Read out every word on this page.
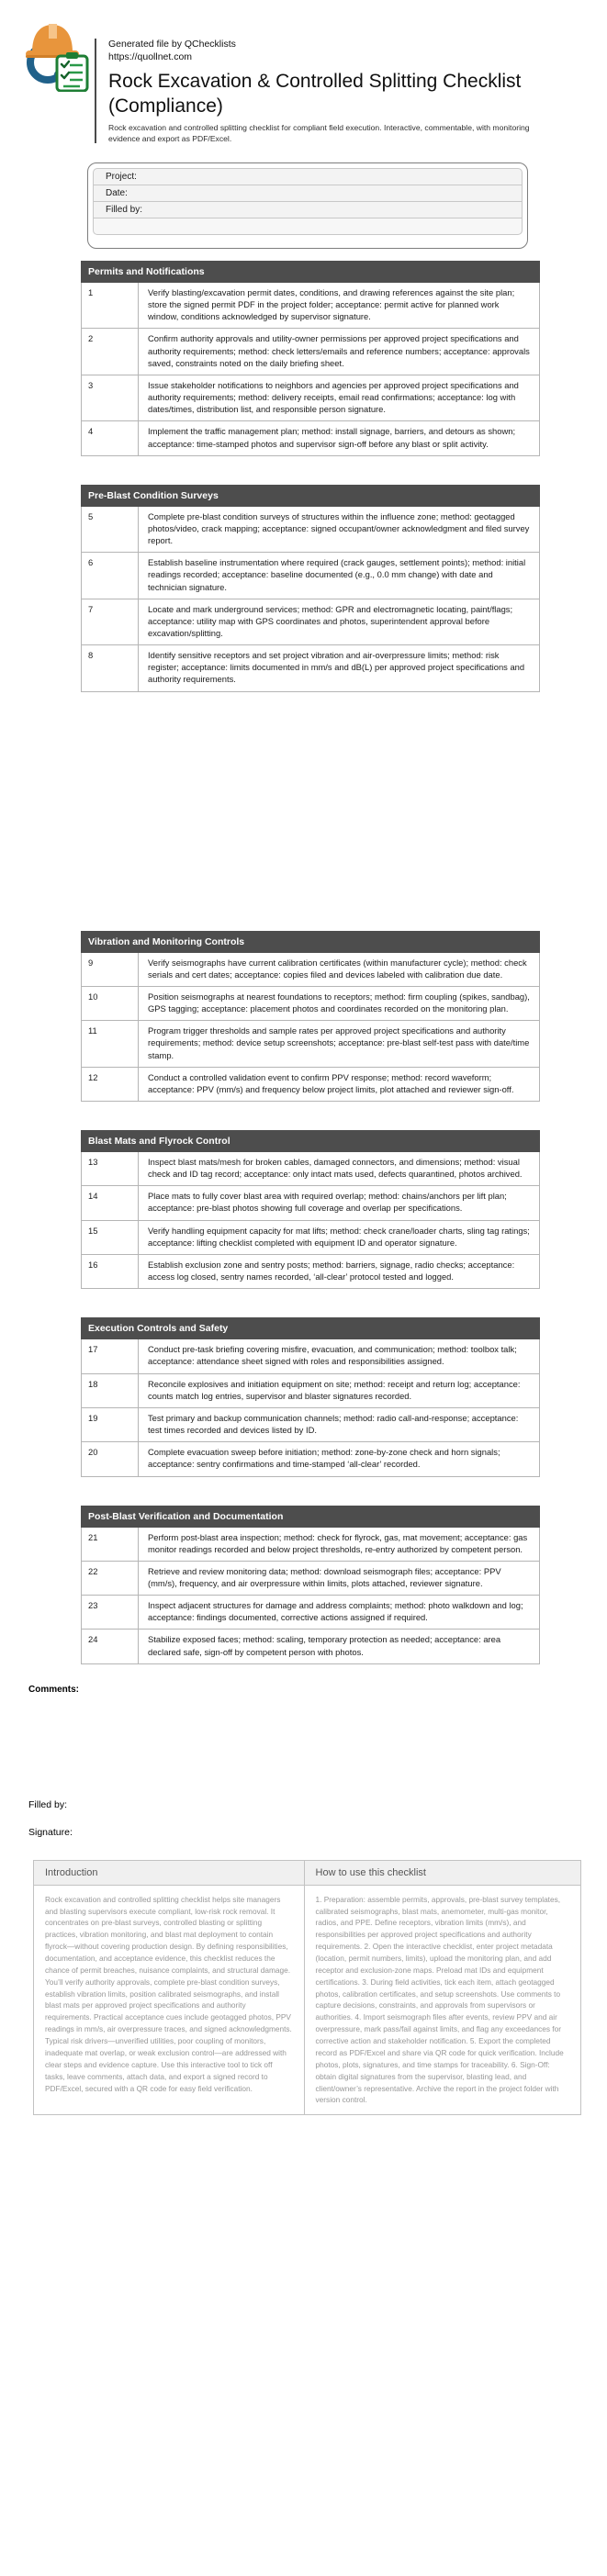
Generated file by QChecklists
https://quollnet.com
Rock Excavation & Controlled Splitting Checklist
(Compliance)
Rock excavation and controlled splitting checklist for compliant field execution. Interactive, commentable, with monitoring evidence and export as PDF/Excel.
Project:
Date:
Filled by:
Permits and Notifications	
1	Verify blasting/excavation permit dates, conditions, and drawing references against the site plan; store the signed permit PDF in the project folder; acceptance: permit active for planned work window, conditions acknowledged by supervisor signature.
2	Confirm authority approvals and utility-owner permissions per approved project specifications and authority requirements; method: check letters/emails and reference numbers; acceptance: approvals saved, constraints noted on the daily briefing sheet.
3	Issue stakeholder notifications to neighbors and agencies per approved project specifications and authority requirements; method: delivery receipts, email read confirmations; acceptance: log with dates/times, distribution list, and responsible person signature.
4	Implement the traffic management plan; method: install signage, barriers, and detours as shown; acceptance: time-stamped photos and supervisor sign-off before any blast or split activity.
Pre-Blast Condition Surveys	
5	Complete pre-blast condition surveys of structures within the influence zone; method: geotagged photos/video, crack mapping; acceptance: signed occupant/owner acknowledgment and filed survey report.
6	Establish baseline instrumentation where required (crack gauges, settlement points); method: initial readings recorded; acceptance: baseline documented (e.g., 0.0 mm change) with date and technician signature.
7	Locate and mark underground services; method: GPR and electromagnetic locating, paint/flags; acceptance: utility map with GPS coordinates and photos, superintendent approval before excavation/splitting.
8	Identify sensitive receptors and set project vibration and air-overpressure limits; method: risk register; acceptance: limits documented in mm/s and dB(L) per approved project specifications and authority requirements.
Vibration and Monitoring Controls	
9	Verify seismographs have current calibration certificates (within manufacturer cycle); method: check serials and cert dates; acceptance: copies filed and devices labeled with calibration due date.
10	Position seismographs at nearest foundations to receptors; method: firm coupling (spikes, sandbag), GPS tagging; acceptance: placement photos and coordinates recorded on the monitoring plan.
11	Program trigger thresholds and sample rates per approved project specifications and authority requirements; method: device setup screenshots; acceptance: pre-blast self-test pass with date/time stamp.
12	Conduct a controlled validation event to confirm PPV response; method: record waveform; acceptance: PPV (mm/s) and frequency below project limits, plot attached and reviewer sign-off.
Blast Mats and Flyrock Control	
13	Inspect blast mats/mesh for broken cables, damaged connectors, and dimensions; method: visual check and ID tag record; acceptance: only intact mats used, defects quarantined, photos archived.
14	Place mats to fully cover blast area with required overlap; method: chains/anchors per lift plan; acceptance: pre-blast photos showing full coverage and overlap per specifications.
15	Verify handling equipment capacity for mat lifts; method: check crane/loader charts, sling tag ratings; acceptance: lifting checklist completed with equipment ID and operator signature.
16	Establish exclusion zone and sentry posts; method: barriers, signage, radio checks; acceptance: access log closed, sentry names recorded, ‘all-clear’ protocol tested and logged.
Execution Controls and Safety	
17	Conduct pre-task briefing covering misfire, evacuation, and communication; method: toolbox talk; acceptance: attendance sheet signed with roles and responsibilities assigned.
18	Reconcile explosives and initiation equipment on site; method: receipt and return log; acceptance: counts match log entries, supervisor and blaster signatures recorded.
19	Test primary and backup communication channels; method: radio call-and-response; acceptance: test times recorded and devices listed by ID.
20	Complete evacuation sweep before initiation; method: zone-by-zone check and horn signals; acceptance: sentry confirmations and time-stamped ‘all-clear’ recorded.
Post-Blast Verification and Documentation	
21	Perform post-blast area inspection; method: check for flyrock, gas, mat movement; acceptance: gas monitor readings recorded and below project thresholds, re-entry authorized by competent person.
22	Retrieve and review monitoring data; method: download seismograph files; acceptance: PPV (mm/s), frequency, and air overpressure within limits, plots attached, reviewer signature.
23	Inspect adjacent structures for damage and address complaints; method: photo walkdown and log; acceptance: findings documented, corrective actions assigned if required.
24	Stabilize exposed faces; method: scaling, temporary protection as needed; acceptance: area declared safe, sign-off by competent person with photos.
Comments:
Filled by:
Signature:
Introduction	How to use this checklist
Rock excavation and controlled splitting checklist helps site managers and blasting supervisors execute compliant, low-risk rock removal. It concentrates on pre-blast surveys, controlled blasting or splitting practices, vibration monitoring, and blast mat deployment to contain flyrock—without covering production design. By defining responsibilities, documentation, and acceptance evidence, this checklist reduces the chance of permit breaches, nuisance complaints, and structural damage. You’ll verify authority approvals, complete pre-blast condition surveys, establish vibration limits, position calibrated seismographs, and install blast mats per approved project specifications and authority requirements. Practical acceptance cues include geotagged photos, PPV readings in mm/s, air overpressure traces, and signed acknowledgments. Typical risk drivers—unverified utilities, poor coupling of monitors, inadequate mat overlap, or weak exclusion control—are addressed with clear steps and evidence capture. Use this interactive tool to tick off tasks, leave comments, attach data, and export a signed record to PDF/Excel, secured with a QR code for easy field verification.	1. Preparation: assemble permits, approvals, pre-blast survey templates, calibrated seismographs, blast mats, anemometer, multi-gas monitor, radios, and PPE. Define receptors, vibration limits (mm/s), and responsibilities per approved project specifications and authority requirements. 2. Open the interactive checklist, enter project metadata (location, permit numbers, limits), upload the monitoring plan, and add receptor and exclusion-zone maps. Preload mat IDs and equipment certifications. 3. During field activities, tick each item, attach geotagged photos, calibration certificates, and setup screenshots. Use comments to capture decisions, constraints, and approvals from supervisors or authorities. 4. Import seismograph files after events, review PPV and air overpressure, mark pass/fail against limits, and flag any exceedances for corrective action and stakeholder notification. 5. Export the completed record as PDF/Excel and share via QR code for quick verification. Include photos, plots, signatures, and time stamps for traceability. 6. Sign-Off: obtain digital signatures from the supervisor, blasting lead, and client/owner’s representative. Archive the report in the project folder with version control.
